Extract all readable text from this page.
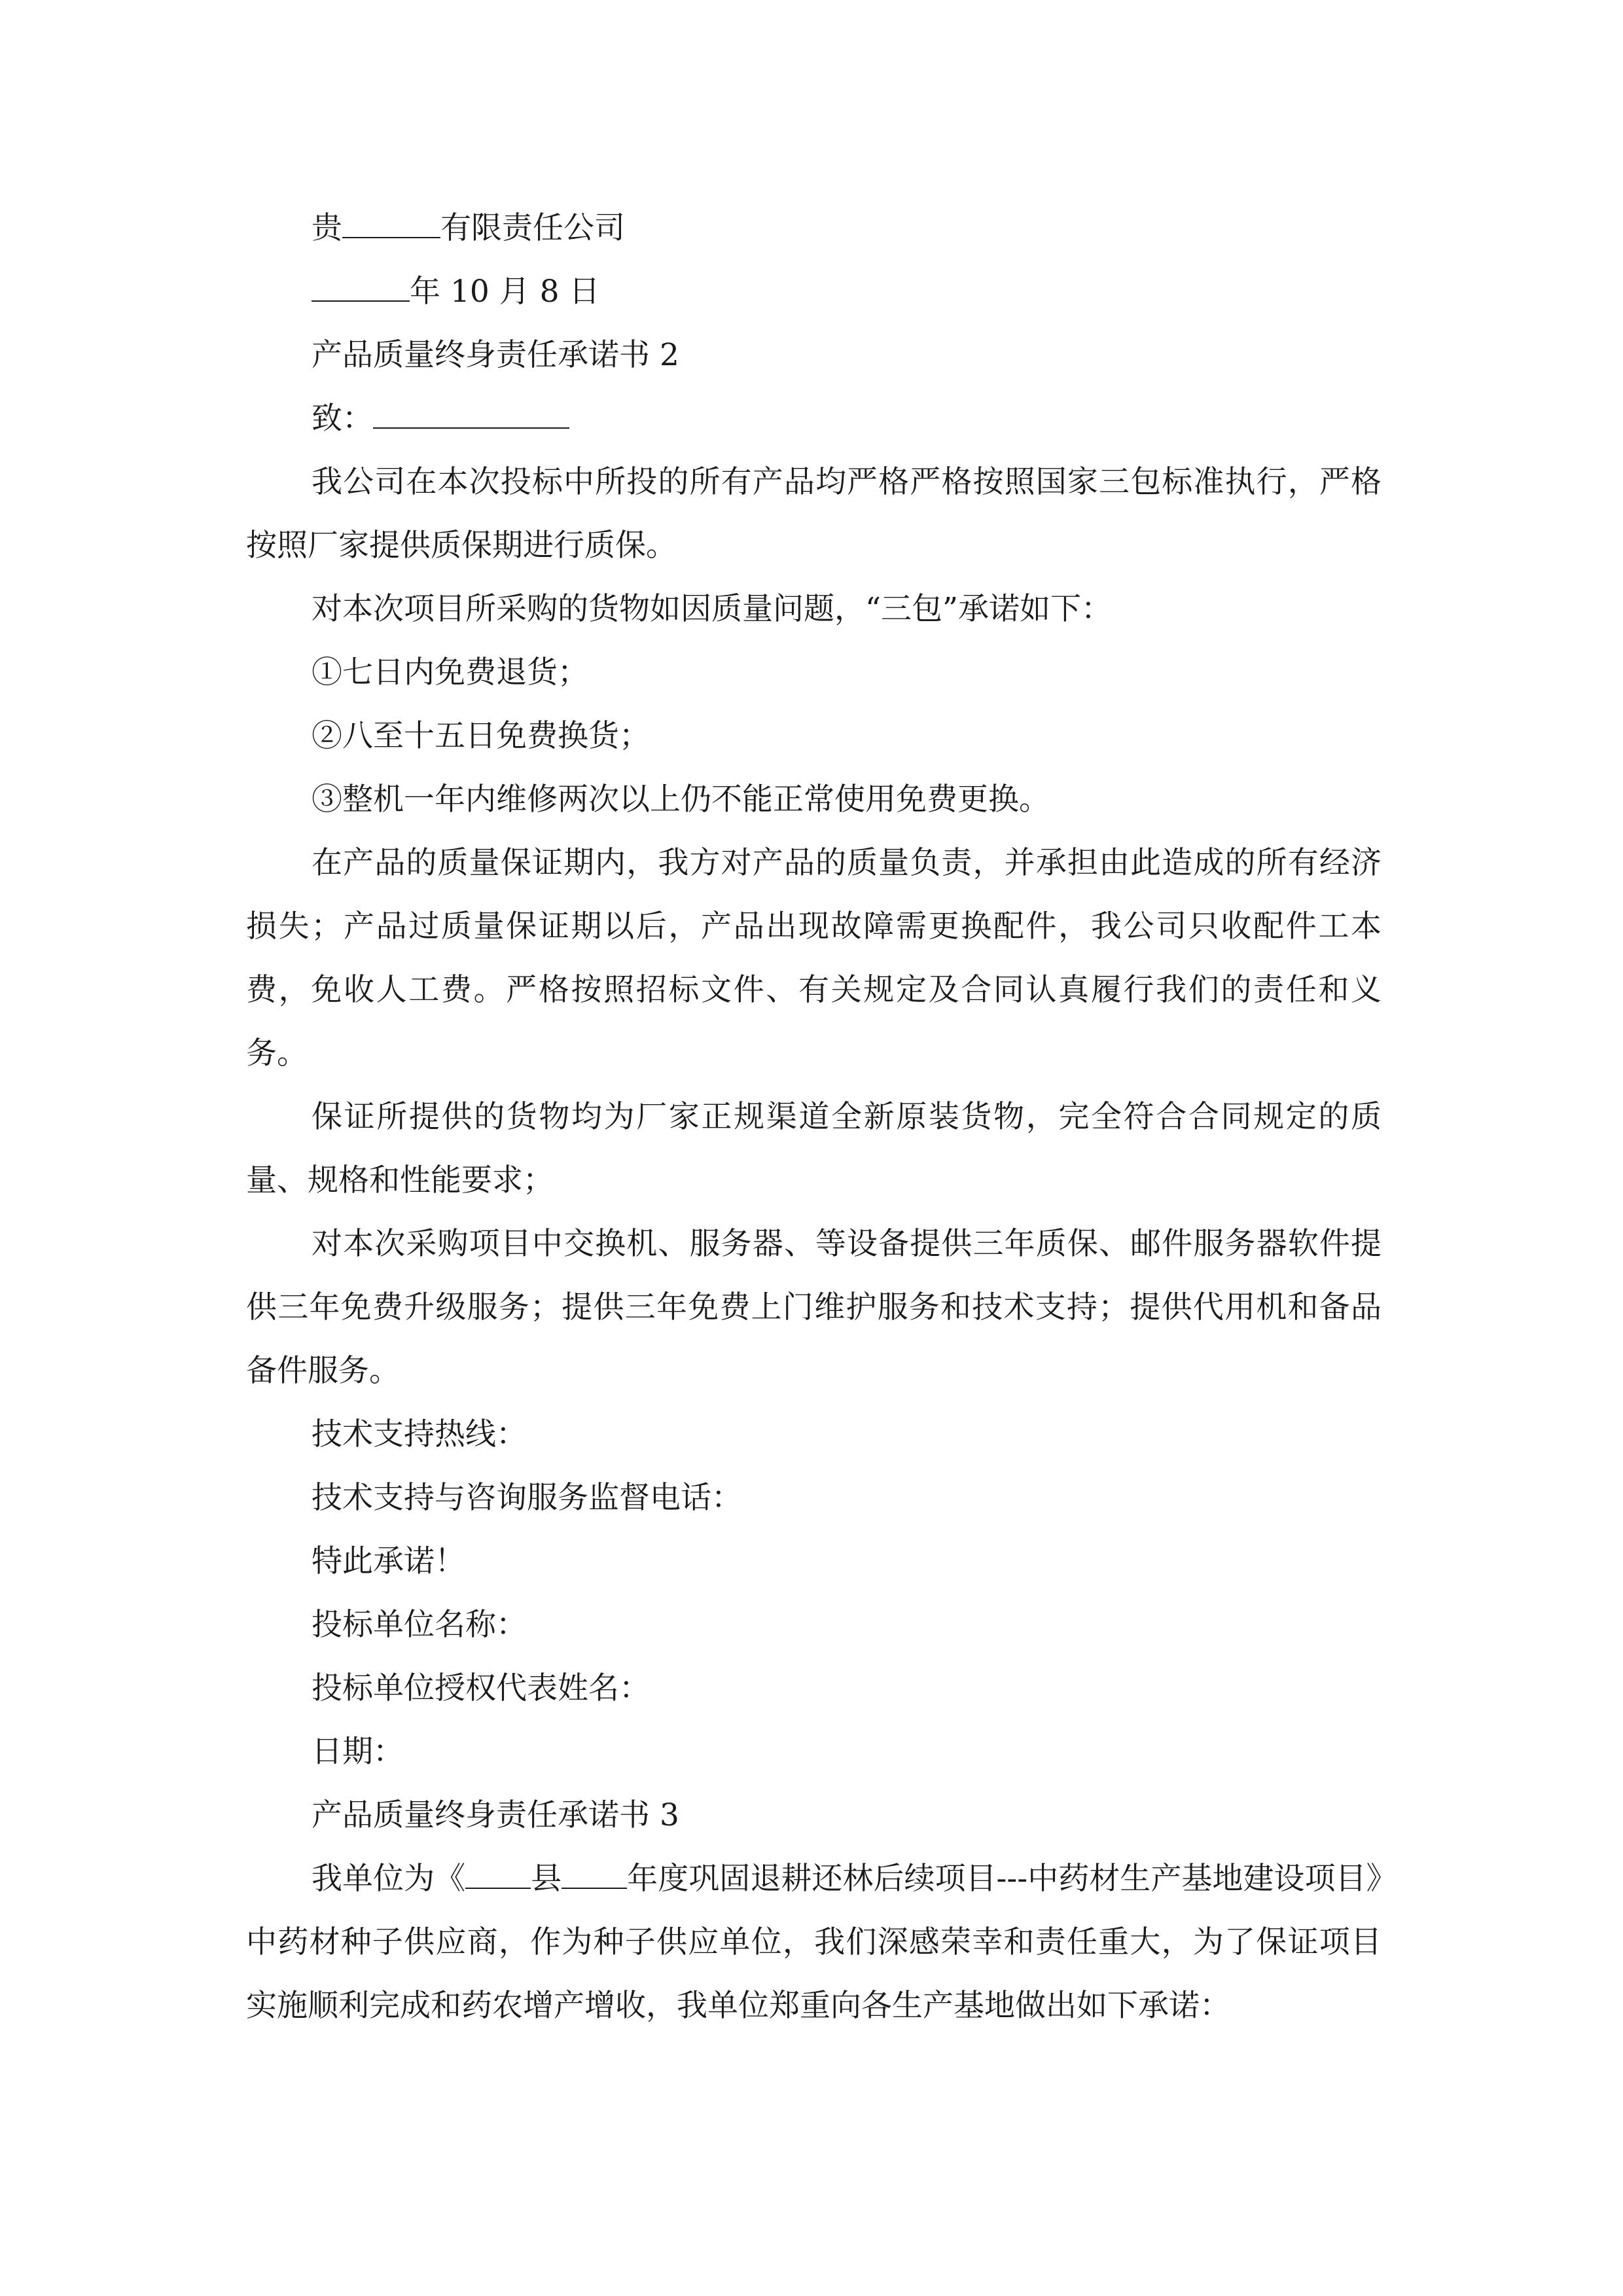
贵	有限责任公司

年 10 月 8 日

产品质量终身责任承诺书 2

致：

我公司在本次投标中所投的所有产品均严格严格按照国家三包标准执行，严格按照厂家提供质保期进行质保。

对本次项目所采购的货物如因质量问题，“三包”承诺如下：

①七日内免费退货；

②八至十五日免费换货；

③整机一年内维修两次以上仍不能正常使用免费更换。

在产品的质量保证期内，我方对产品的质量负责，并承担由此造成的所有经济损失；产品过质量保证期以后，产品出现故障需更换配件，我公司只收配件工本费，免收人工费。严格按照招标文件、有关规定及合同认真履行我们的责任和义务。

保证所提供的货物均为厂家正规渠道全新原装货物，完全符合合同规定的质量、规格和性能要求；

对本次采购项目中交换机、服务器、等设备提供三年质保、邮件服务器软件提供三年免费升级服务；提供三年免费上门维护服务和技术支持；提供代用机和备品备件服务。

技术支持热线：

技术支持与咨询服务监督电话：

特此承诺！

投标单位名称：

投标单位授权代表姓名：

日期：

产品质量终身责任承诺书 3

我单位为《 县 年度巩固退耕还林后续项目---中药材生产基地建设项目》中药材种子供应商，作为种子供应单位，我们深感荣幸和责任重大，为了保证项目实施顺利完成和药农增产增收，我单位郑重向各生产基地做出如下承诺：
